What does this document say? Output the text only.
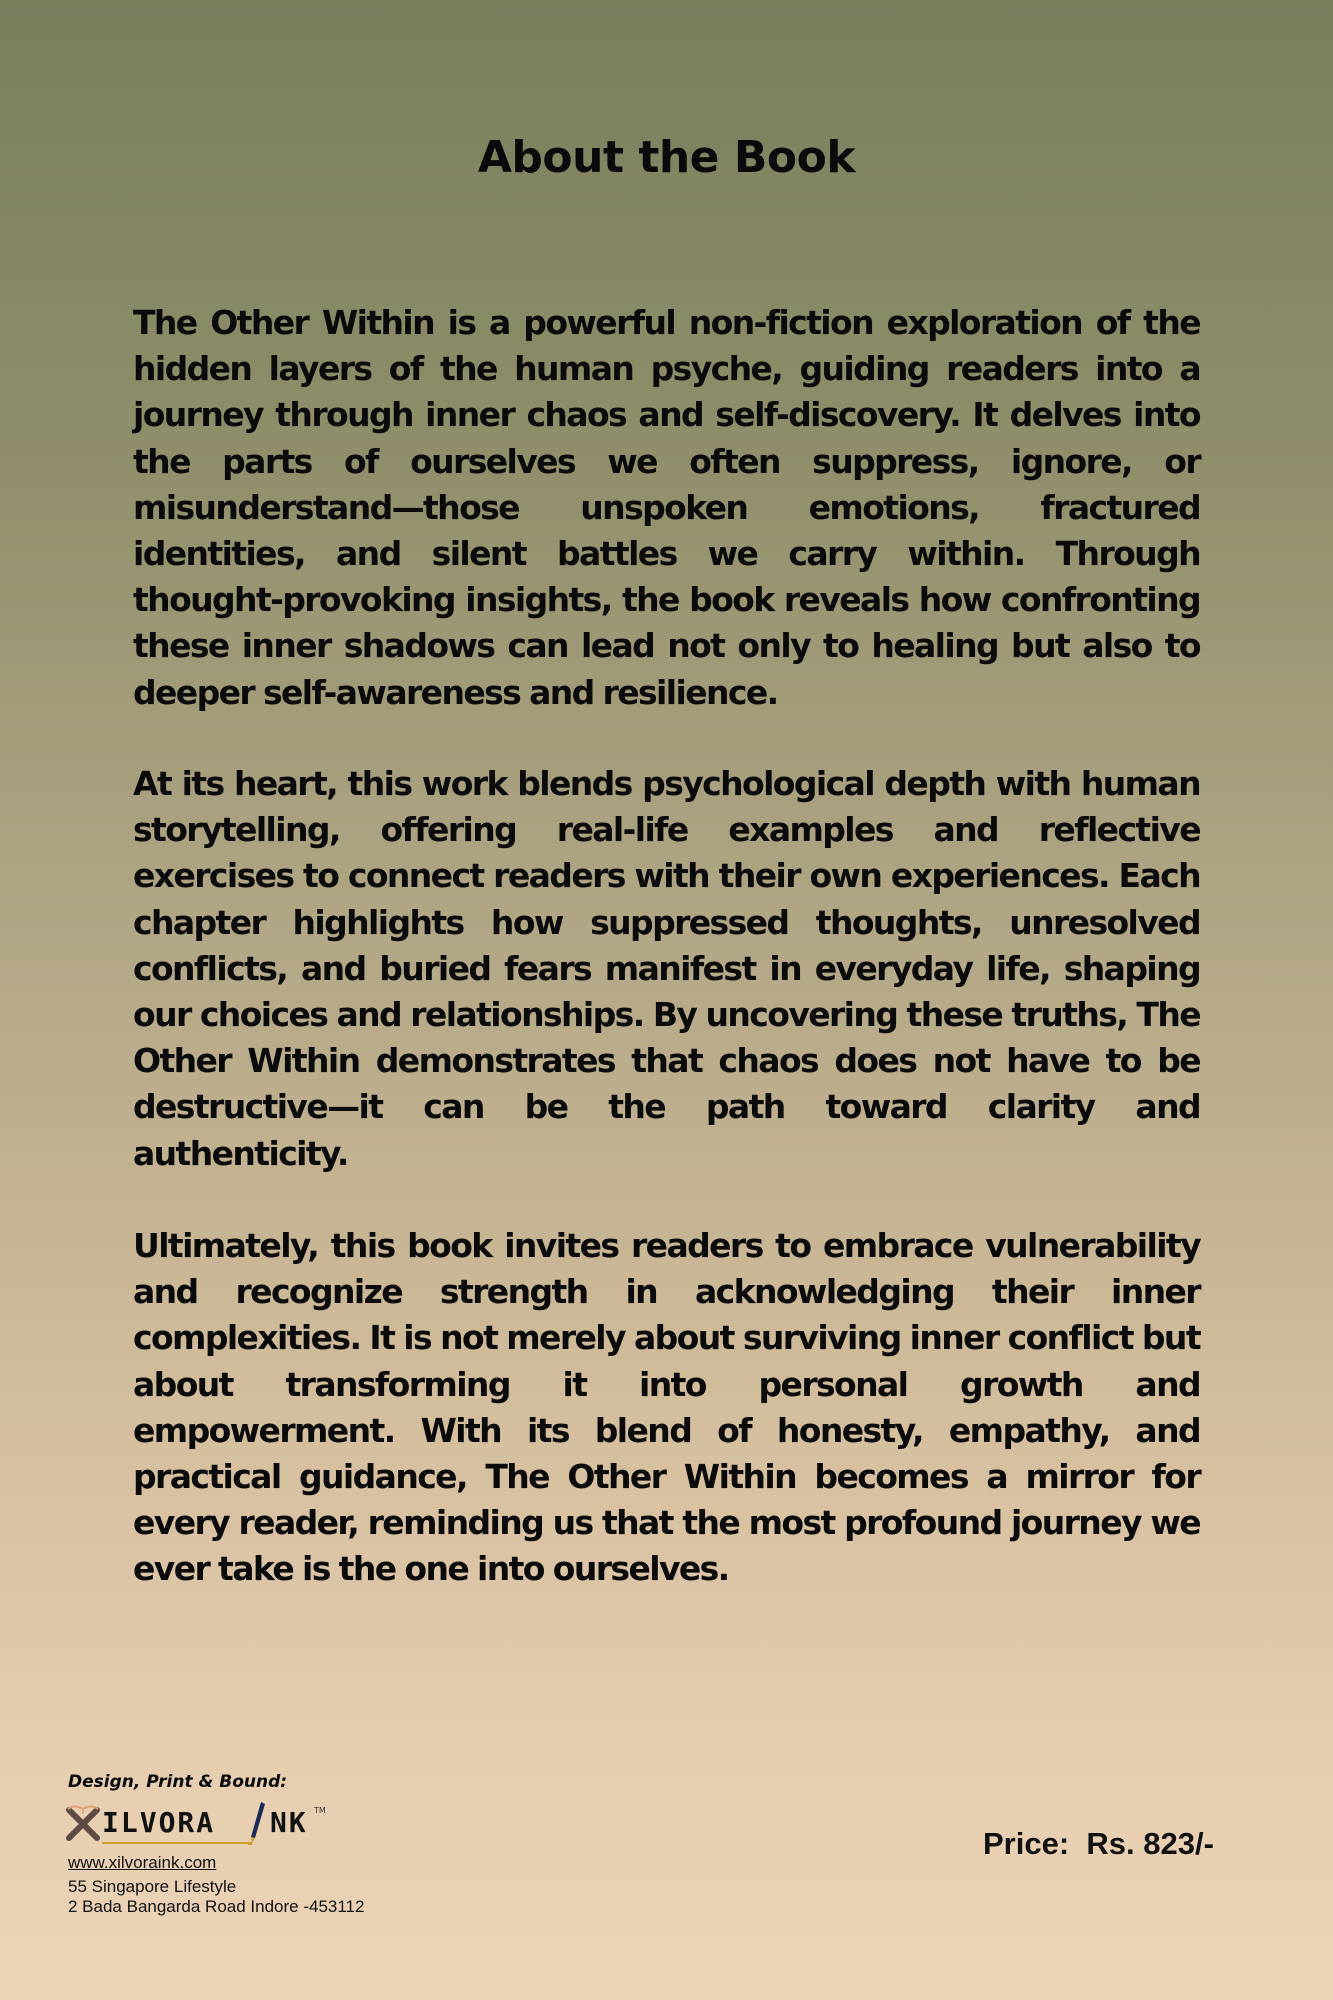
About the Book

The Other Within is a powerful non-fiction exploration of the hidden layers of the human psyche, guiding readers into a journey through inner chaos and self-discovery. It delves into the parts of ourselves we often suppress, ignore, or misunderstand—those unspoken emotions, fractured identities, and silent battles we carry within. Through thought-provoking insights, the book reveals how confronting these inner shadows can lead not only to healing but also to deeper self-awareness and resilience.

At its heart, this work blends psychological depth with human storytelling, offering real-life examples and reflective exercises to connect readers with their own experiences. Each chapter highlights how suppressed thoughts, unresolved conflicts, and buried fears manifest in everyday life, shaping our choices and relationships. By uncovering these truths, The Other Within demonstrates that chaos does not have to be destructive—it can be the path toward clarity and authenticity.

Ultimately, this book invites readers to embrace vulnerability and recognize strength in acknowledging their inner complexities. It is not merely about surviving inner conflict but about transforming it into personal growth and empowerment. With its blend of honesty, empathy, and practical guidance, The Other Within becomes a mirror for every reader, reminding us that the most profound journey we ever take is the one into ourselves.

Design, Print & Bound:

ILVORA NK TM
www.xilvoraink.com

55 Singapore Lifestyle

2 Bada Bangarda Road Indore -453112

Price:  Rs. 823/-
